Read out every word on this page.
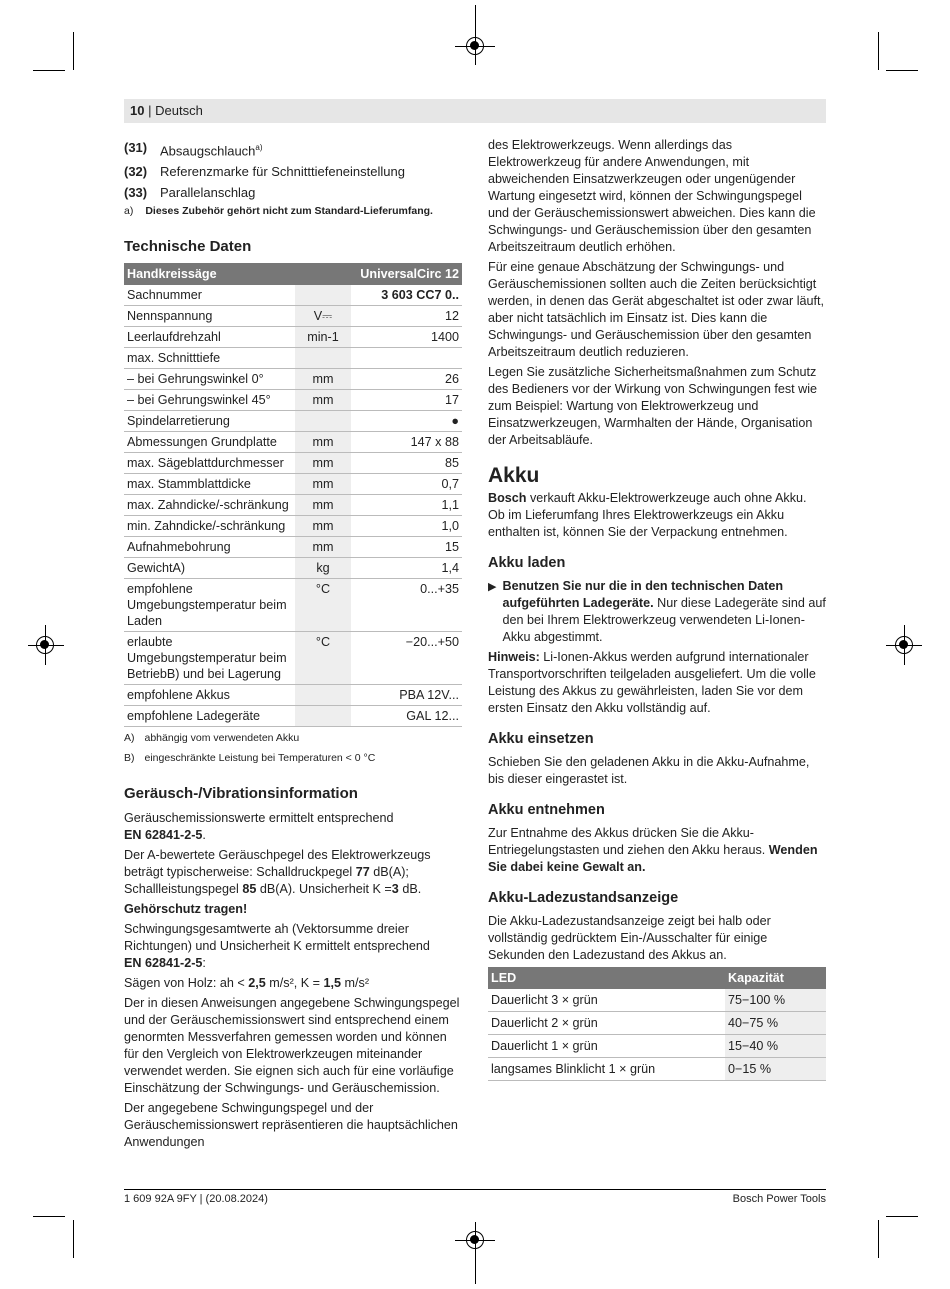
10 | Deutsch
(31) Absaugschlauch$^{a)}$
(32) Referenzmarke für Schnitttiefeneinstellung
(33) Parallelanschlag
a) Dieses Zubehör gehört nicht zum Standard-Lieferumfang.
Technische Daten
Handkreissäge		UniversalCirc 12
Sachnummer		3 603 CC7 0..
Nennspannung	V⎓	12
Leerlaufdrehzahl	min-1	1400
max. Schnitttiefe		
– bei Gehrungswinkel 0°	mm	26
– bei Gehrungswinkel 45°	mm	17
Spindelarretierung		●
Abmessungen Grundplatte	mm	147 x 88
max. Sägeblattdurchmesser	mm	85
max. Stammblattdicke	mm	0,7
max. Zahndicke/-schränkung	mm	1,1
min. Zahndicke/-schränkung	mm	1,0
Aufnahmebohrung	mm	15
GewichtA)	kg	1,4
empfohlene Umgebungstemperatur beim Laden	°C	0...+35
erlaubte Umgebungstemperatur beim BetriebB) und bei Lagerung	°C	−20...+50
empfohlene Akkus		PBA 12V...
empfohlene Ladegeräte		GAL 12...
A) abhängig vom verwendeten Akku
B) eingeschränkte Leistung bei Temperaturen < 0 °C
Geräusch-/Vibrationsinformation

Geräuschemissionswerte ermittelt entsprechend
EN 62841-2-5.

Der A-bewertete Geräuschpegel des Elektrowerkzeugs beträgt typischerweise: Schalldruckpegel 77 dB(A); Schallleistungspegel 85 dB(A). Unsicherheit K =3 dB.

Gehörschutz tragen!

Schwingungsgesamtwerte ah (Vektorsumme dreier Richtungen) und Unsicherheit K ermittelt entsprechend
EN 62841-2-5:

Sägen von Holz: ah < 2,5 m/s², K = 1,5 m/s²

Der in diesen Anweisungen angegebene Schwingungspegel und der Geräuschemissionswert sind entsprechend einem genormten Messverfahren gemessen worden und können für den Vergleich von Elektrowerkzeugen miteinander verwendet werden. Sie eignen sich auch für eine vorläufige Einschätzung der Schwingungs- und Geräuschemission.

Der angegebene Schwingungspegel und der Geräuschemissionswert repräsentieren die hauptsächlichen Anwendungen

des Elektrowerkzeugs. Wenn allerdings das Elektrowerkzeug für andere Anwendungen, mit abweichenden Einsatzwerkzeugen oder ungenügender Wartung eingesetzt wird, können der Schwingungspegel und der Geräuschemissionswert abweichen. Dies kann die Schwingungs- und Geräuschemission über den gesamten Arbeitszeitraum deutlich erhöhen.

Für eine genaue Abschätzung der Schwingungs- und Geräuschemissionen sollten auch die Zeiten berücksichtigt werden, in denen das Gerät abgeschaltet ist oder zwar läuft, aber nicht tatsächlich im Einsatz ist. Dies kann die Schwingungs- und Geräuschemission über den gesamten Arbeitszeitraum deutlich reduzieren.

Legen Sie zusätzliche Sicherheitsmaßnahmen zum Schutz des Bedieners vor der Wirkung von Schwingungen fest wie zum Beispiel: Wartung von Elektrowerkzeug und Einsatzwerkzeugen, Warmhalten der Hände, Organisation der Arbeitsabläufe.

Akku

Bosch verkauft Akku-Elektrowerkzeuge auch ohne Akku. Ob im Lieferumfang Ihres Elektrowerkzeugs ein Akku enthalten ist, können Sie der Verpackung entnehmen.

Akku laden
▶ Benutzen Sie nur die in den technischen Daten aufgeführten Ladegeräte. Nur diese Ladegeräte sind auf den bei Ihrem Elektrowerkzeug verwendeten Li-Ionen-Akku abgestimmt.

Hinweis: Li-Ionen-Akkus werden aufgrund internationaler Transportvorschriften teilgeladen ausgeliefert. Um die volle Leistung des Akkus zu gewährleisten, laden Sie vor dem ersten Einsatz den Akku vollständig auf.

Akku einsetzen

Schieben Sie den geladenen Akku in die Akku-Aufnahme, bis dieser eingerastet ist.

Akku entnehmen

Zur Entnahme des Akkus drücken Sie die Akku-Entriegelungstasten und ziehen den Akku heraus. Wenden Sie dabei keine Gewalt an.

Akku-Ladezustandsanzeige

Die Akku-Ladezustandsanzeige zeigt bei halb oder vollständig gedrücktem Ein-/Ausschalter für einige Sekunden den Ladezustand des Akkus an.

LED	Kapazität
Dauerlicht 3 × grün	75−100 %
Dauerlicht 2 × grün	40−75 %
Dauerlicht 1 × grün	15−40 %
langsames Blinklicht 1 × grün	0−15 %
1 609 92A 9FY | (20.08.2024)	Bosch Power Tools
